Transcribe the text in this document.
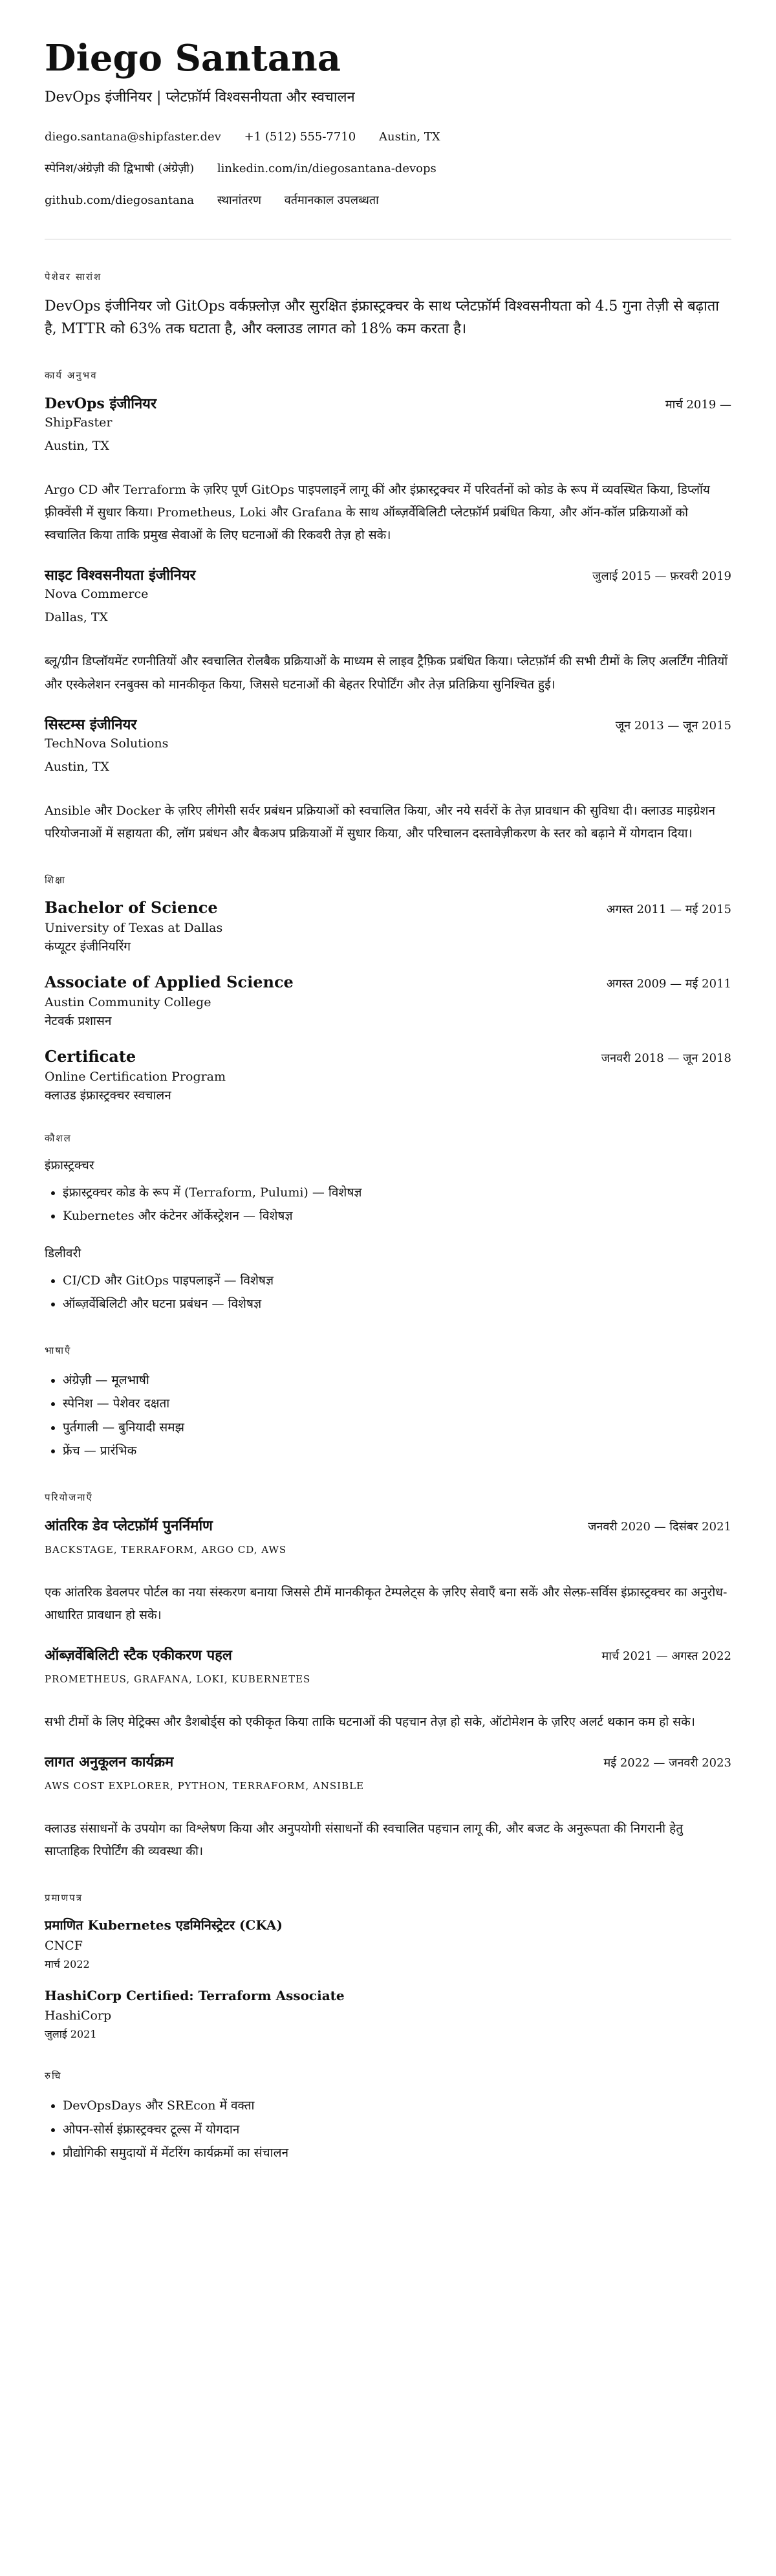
Diego Santana
DevOps इंजीनियर | प्लेटफ़ॉर्म विश्वसनीयता और स्वचालन
diego.santana@shipfaster.dev +1 (512) 555-7710 Austin, TX
स्पेनिश/अंग्रेज़ी की द्विभाषी (अंग्रेज़ी) linkedin.com/in/diegosantana-devops
github.com/diegosantana स्थानांतरण वर्तमानकाल उपलब्धता
पेशेवर सारांश
DevOps इंजीनियर जो GitOps वर्कफ़्लोज़ और सुरक्षित इंफ्रास्ट्रक्चर के साथ प्लेटफ़ॉर्म विश्वसनीयता को 4.5 गुना तेज़ी से बढ़ाता है, MTTR को 63% तक घटाता है, और क्लाउड लागत को 18% कम करता है।
कार्य अनुभव
DevOps इंजीनियर	मार्च 2019 —
ShipFaster
Austin, TX
Argo CD और Terraform के ज़रिए पूर्ण GitOps पाइपलाइनें लागू कीं और इंफ्रास्ट्रक्चर में परिवर्तनों को कोड के रूप में व्यवस्थित किया, डिप्लॉय फ़्रीक्वेंसी में सुधार किया। Prometheus, Loki और Grafana के साथ ऑब्ज़र्वेबिलिटी प्लेटफ़ॉर्म प्रबंधित किया, और ऑन-कॉल प्रक्रियाओं को स्वचालित किया ताकि प्रमुख सेवाओं के लिए घटनाओं की रिकवरी तेज़ हो सके।
साइट विश्वसनीयता इंजीनियर	जुलाई 2015 — फ़रवरी 2019
Nova Commerce
Dallas, TX
ब्लू/ग्रीन डिप्लॉयमेंट रणनीतियों और स्वचालित रोलबैक प्रक्रियाओं के माध्यम से लाइव ट्रैफ़िक प्रबंधित किया। प्लेटफ़ॉर्म की सभी टीमों के लिए अलर्टिंग नीतियों और एस्केलेशन रनबुक्स को मानकीकृत किया, जिससे घटनाओं की बेहतर रिपोर्टिंग और तेज़ प्रतिक्रिया सुनिश्चित हुई।
सिस्टम्स इंजीनियर	जून 2013 — जून 2015
TechNova Solutions
Austin, TX
Ansible और Docker के ज़रिए लीगेसी सर्वर प्रबंधन प्रक्रियाओं को स्वचालित किया, और नये सर्वरों के तेज़ प्रावधान की सुविधा दी। क्लाउड माइग्रेशन परियोजनाओं में सहायता की, लॉग प्रबंधन और बैकअप प्रक्रियाओं में सुधार किया, और परिचालन दस्तावेज़ीकरण के स्तर को बढ़ाने में योगदान दिया।
शिक्षा
Bachelor of Science	अगस्त 2011 — मई 2015
University of Texas at Dallas
कंप्यूटर इंजीनियरिंग
Associate of Applied Science	अगस्त 2009 — मई 2011
Austin Community College
नेटवर्क प्रशासन
Certificate	जनवरी 2018 — जून 2018
Online Certification Program
क्लाउड इंफ्रास्ट्रक्चर स्वचालन
कौशल
इंफ्रास्ट्रक्चर
• इंफ्रास्ट्रक्चर कोड के रूप में (Terraform, Pulumi) — विशेषज्ञ
• Kubernetes और कंटेनर ऑर्केस्ट्रेशन — विशेषज्ञ
डिलीवरी
• CI/CD और GitOps पाइपलाइनें — विशेषज्ञ
• ऑब्ज़र्वेबिलिटी और घटना प्रबंधन — विशेषज्ञ
भाषाएँ
• अंग्रेज़ी — मूलभाषी
• स्पेनिश — पेशेवर दक्षता
• पुर्तगाली — बुनियादी समझ
• फ्रेंच — प्रारंभिक
परियोजनाएँ
आंतरिक डेव प्लेटफ़ॉर्म पुनर्निर्माण	जनवरी 2020 — दिसंबर 2021
BACKSTAGE, TERRAFORM, ARGO CD, AWS
एक आंतरिक डेवलपर पोर्टल का नया संस्करण बनाया जिससे टीमें मानकीकृत टेम्पलेट्स के ज़रिए सेवाएँ बना सकें और सेल्फ़-सर्विस इंफ्रास्ट्रक्चर का अनुरोध-आधारित प्रावधान हो सके।
ऑब्ज़र्वेबिलिटी स्टैक एकीकरण पहल	मार्च 2021 — अगस्त 2022
PROMETHEUS, GRAFANA, LOKI, KUBERNETES
सभी टीमों के लिए मेट्रिक्स और डैशबोर्ड्स को एकीकृत किया ताकि घटनाओं की पहचान तेज़ हो सके, ऑटोमेशन के ज़रिए अलर्ट थकान कम हो सके।
लागत अनुकूलन कार्यक्रम	मई 2022 — जनवरी 2023
AWS COST EXPLORER, PYTHON, TERRAFORM, ANSIBLE
क्लाउड संसाधनों के उपयोग का विश्लेषण किया और अनुपयोगी संसाधनों की स्वचालित पहचान लागू की, और बजट के अनुरूपता की निगरानी हेतु साप्ताहिक रिपोर्टिंग की व्यवस्था की।
प्रमाणपत्र
प्रमाणित Kubernetes एडमिनिस्ट्रेटर (CKA)
CNCF
मार्च 2022
HashiCorp Certified: Terraform Associate
HashiCorp
जुलाई 2021
रुचि
• DevOpsDays और SREcon में वक्ता
• ओपन-सोर्स इंफ्रास्ट्रक्चर टूल्स में योगदान
• प्रौद्योगिकी समुदायों में मेंटरिंग कार्यक्रमों का संचालन
